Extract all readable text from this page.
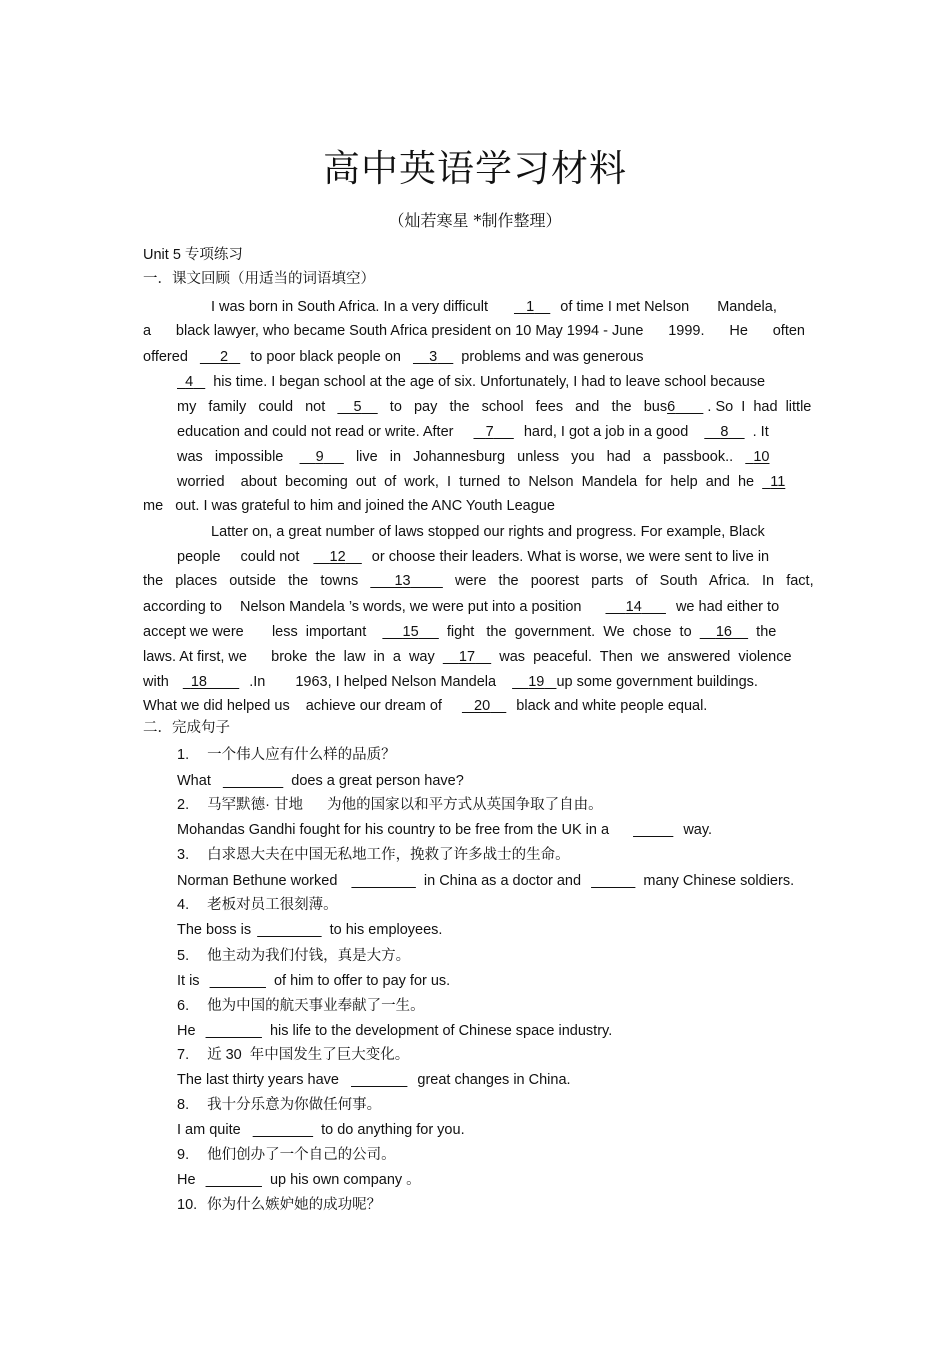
高中英语学习材料
（灿若寒星 *制作整理）
Unit 5 专项练习
一．课文回顾（用适当的词语填空）
I was born in South Africa. In a very difficult	1 of time I met Nelson Mandela,
a black lawyer, who became South Africa president on 10 May 1994 - June 1999. He often
offered 2 to poor black people on 3 problems and was generous
4 his time. I began school at the age of six. Unfortunately, I had to leave school because
my   family   could   not 5 to   pay   the   school   fees   and   the   bus6 . So  I  had  little
education and could not read or write. After 7 hard, I got a job in a good 8 . It
was   impossible 9 live   in   Johannesburg   unless   you   had   a   passbook.. 10
worried    about  becoming  out  of  work,  I  turned  to  Nelson  Mandela  for  help  and  he 11
me   out. I was grateful to him and joined the ANC Youth League
Latter on, a great number of laws stopped our rights and progress. For example, Black
people could not 12 or choose their leaders. What is worse, we were sent to live in
the   places   outside   the   towns	13	were   the   poorest   parts   of   South   Africa.   In   fact,
according to Nelson Mandela ’s words, we were put into a position	14 we had either to
accept we were less  important	15 fight   the  government.  We  chose  to 16 the
laws. At first, we broke  the  law  in  a  way 17 was  peaceful.  Then  we  answered  violence
with 18	.In 1963, I helped Nelson Mandela 19 up some government buildings.
What we did helped us achieve our dream of 20 black and white people equal.
二．完成句子
1. 一个伟人应有什么样的品质？
What	does a great person have?
2. 马罕默德· 甘地      为他的国家以和平方式从英国争取了自由。
Mohandas Gandhi fought for his country to be free from the UK in a	way.
3. 白求恩大夫在中国无私地工作，挽救了许多战士的生命。
Norman Bethune worked	in China as a doctor and	many Chinese soldiers.
4. 老板对员工很刻薄。
The boss is	to his employees.
5. 他主动为我们付钱，真是大方。
It is	of him to offer to pay for us.
6. 他为中国的航天事业奉献了一生。
He	his life to the development of Chinese space industry.
7. 近 30  年中国发生了巨大变化。
The last thirty years have	great changes in China.
8. 我十分乐意为你做任何事。
I am quite	to do anything for you.
9. 他们创办了一个自己的公司。
He	up his own company 。
10. 你为什么嫉妒她的成功呢？
